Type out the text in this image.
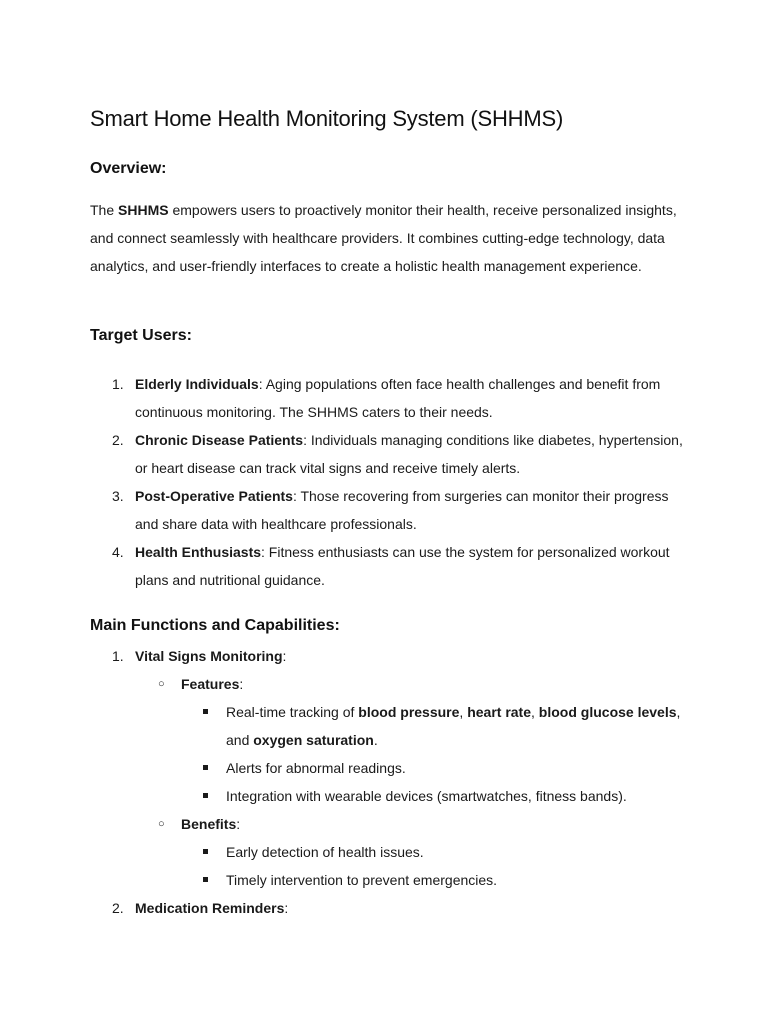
Smart Home Health Monitoring System (SHHMS)
Overview:

The SHHMS empowers users to proactively monitor their health, receive personalized insights, and connect seamlessly with healthcare providers. It combines cutting-edge technology, data analytics, and user-friendly interfaces to create a holistic health management experience.

Target Users:
1. Elderly Individuals: Aging populations often face health challenges and benefit from continuous monitoring. The SHHMS caters to their needs.
2. Chronic Disease Patients: Individuals managing conditions like diabetes, hypertension, or heart disease can track vital signs and receive timely alerts.
3. Post-Operative Patients: Those recovering from surgeries can monitor their progress and share data with healthcare professionals.
4. Health Enthusiasts: Fitness enthusiasts can use the system for personalized workout plans and nutritional guidance.
Main Functions and Capabilities:
1. Vital Signs Monitoring:
○ Features:
Real-time tracking of blood pressure, heart rate, blood glucose levels, and oxygen saturation.
Alerts for abnormal readings.
Integration with wearable devices (smartwatches, fitness bands).
○ Benefits:
Early detection of health issues.
Timely intervention to prevent emergencies.
2. Medication Reminders:
